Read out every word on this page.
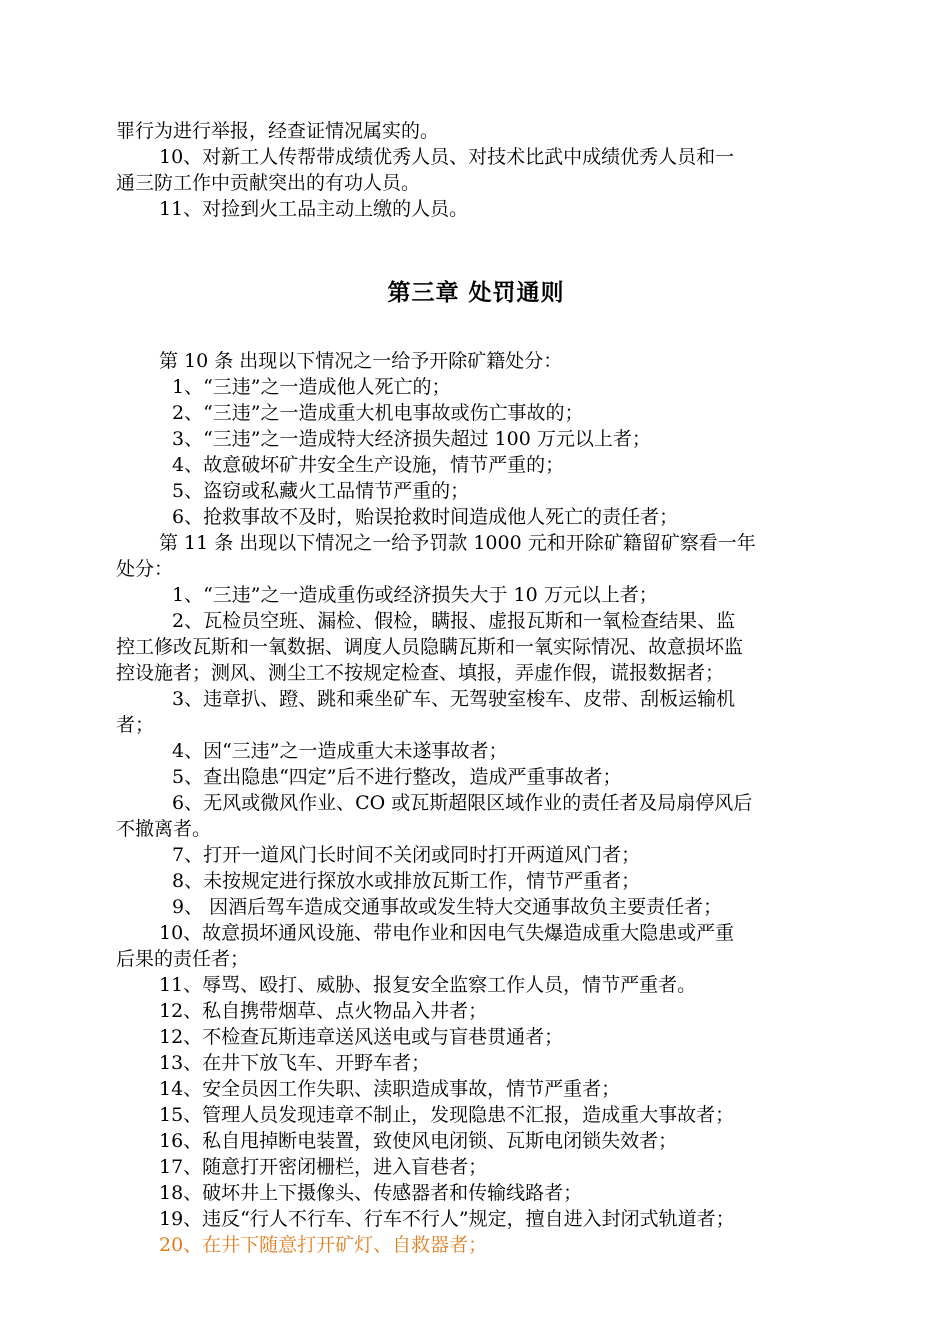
罪行为进行举报，经查证情况属实的。
10、对新工人传帮带成绩优秀人员、对技术比武中成绩优秀人员和一
通三防工作中贡献突出的有功人员。
11、对捡到火工品主动上缴的人员。
第三章 处罚通则
第 10 条 出现以下情况之一给予开除矿籍处分：
1、“三违”之一造成他人死亡的；
2、“三违”之一造成重大机电事故或伤亡事故的；
3、“三违”之一造成特大经济损失超过 100 万元以上者；
4、故意破坏矿井安全生产设施，情节严重的；
5、盗窃或私藏火工品情节严重的；
6、抢救事故不及时，贻误抢救时间造成他人死亡的责任者；
第 11 条 出现以下情况之一给予罚款 1000 元和开除矿籍留矿察看一年
处分：
1、“三违”之一造成重伤或经济损失大于 10 万元以上者；
2、瓦检员空班、漏检、假检，瞒报、虚报瓦斯和一氧检查结果、监
控工修改瓦斯和一氧数据、调度人员隐瞒瓦斯和一氧实际情况、故意损坏监
控设施者；测风、测尘工不按规定检查、填报，弄虚作假，谎报数据者；
3、违章扒、蹬、跳和乘坐矿车、无驾驶室梭车、皮带、刮板运输机
者；
4、因“三违”之一造成重大未遂事故者；
5、查出隐患“四定”后不进行整改，造成严重事故者；
6、无风或微风作业、CO 或瓦斯超限区域作业的责任者及局扇停风后
不撤离者。
7、打开一道风门长时间不关闭或同时打开两道风门者；
8、未按规定进行探放水或排放瓦斯工作，情节严重者；
9、 因酒后驾车造成交通事故或发生特大交通事故负主要责任者；
10、故意损坏通风设施、带电作业和因电气失爆造成重大隐患或严重
后果的责任者；
11、辱骂、殴打、威胁、报复安全监察工作人员，情节严重者。
12、私自携带烟草、点火物品入井者；
12、不检查瓦斯违章送风送电或与盲巷贯通者；
13、在井下放飞车、开野车者；
14、安全员因工作失职、渎职造成事故，情节严重者；
15、管理人员发现违章不制止，发现隐患不汇报，造成重大事故者；
16、私自甩掉断电装置，致使风电闭锁、瓦斯电闭锁失效者；
17、随意打开密闭栅栏，进入盲巷者；
18、破坏井上下摄像头、传感器者和传输线路者；
19、违反“行人不行车、行车不行人”规定，擅自进入封闭式轨道者；
20、在井下随意打开矿灯、自救器者；
